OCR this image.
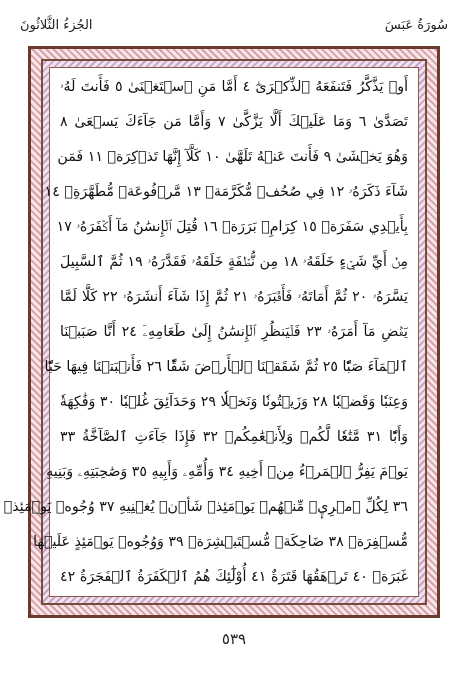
سُورَةُ عَبَسَ
الجُزءُ الثَّلاثُونَ
أَوۡ يَذَّكَّرُ فَتَنفَعَهُ ٱلذِّكۡرَىٰٓ ٤ أَمَّا مَنِ ٱسۡتَغۡنَىٰ ٥ فَأَنتَ لَهُۥ
تَصَدَّىٰ ٦ وَمَا عَلَيۡكَ أَلَّا يَزَّكَّىٰ ٧ وَأَمَّا مَن جَآءَكَ يَسۡعَىٰ ٨
وَهُوَ يَخۡشَىٰ ٩ فَأَنتَ عَنۡهُ تَلَهَّىٰ ١٠ كَلَّآ إِنَّهَا تَذۡكِرَةٞ ١١ فَمَن
شَآءَ ذَكَرَهُۥ ١٢ فِي صُحُفٖ مُّكَرَّمَةٖ ١٣ مَّرۡفُوعَةٖ مُّطَهَّرَةِۭ ١٤
بِأَيۡدِي سَفَرَةٖ ١٥ كِرَامِۭ بَرَرَةٖ ١٦ قُتِلَ ٱلۡإِنسَٰنُ مَآ أَكۡفَرَهُۥ ١٧
مِنۡ أَيِّ شَيۡءٍ خَلَقَهُۥ ١٨ مِن نُّطۡفَةٍ خَلَقَهُۥ فَقَدَّرَهُۥ ١٩ ثُمَّ ٱلسَّبِيلَ
يَسَّرَهُۥ ٢٠ ثُمَّ أَمَاتَهُۥ فَأَقۡبَرَهُۥ ٢١ ثُمَّ إِذَا شَآءَ أَنشَرَهُۥ ٢٢ كَلَّا لَمَّا
يَقۡضِ مَآ أَمَرَهُۥ ٢٣ فَلۡيَنظُرِ ٱلۡإِنسَٰنُ إِلَىٰ طَعَامِهِۦٓ ٢٤ أَنَّا صَبَبۡنَا
ٱلۡمَآءَ صَبّٗا ٢٥ ثُمَّ شَقَقۡنَا ٱلۡأَرۡضَ شَقّٗا ٢٦ فَأَنۢبَتۡنَا فِيهَا حَبّٗا
وَعِنَبٗا وَقَضۡبٗا ٢٨ وَزَيۡتُونٗا وَنَخۡلٗا ٢٩ وَحَدَآئِقَ غُلۡبٗا ٣٠ وَفَٰكِهَةٗ
وَأَبّٗا ٣١ مَّتَٰعٗا لَّكُمۡ وَلِأَنۡعَٰمِكُمۡ ٣٢ فَإِذَا جَآءَتِ ٱلصَّآخَّةُ ٣٣
يَوۡمَ يَفِرُّ ٱلۡمَرۡءُ مِنۡ أَخِيهِ ٣٤ وَأُمِّهِۦ وَأَبِيهِ ٣٥ وَصَٰحِبَتِهِۦ وَبَنِيهِ
٣٦ لِكُلِّ ٱمۡرِيٕٖ مِّنۡهُمۡ يَوۡمَئِذٖ شَأۡنٞ يُغۡنِيهِ ٣٧ وُجُوهٞ يَوۡمَئِذٖ
مُّسۡفِرَةٞ ٣٨ ضَاحِكَةٞ مُّسۡتَبۡشِرَةٞ ٣٩ وَوُجُوهٞ يَوۡمَئِذٍ عَلَيۡهَا
غَبَرَةٞ ٤٠ تَرۡهَقُهَا قَتَرَةٌ ٤١ أُوْلَٰٓئِكَ هُمُ ٱلۡكَفَرَةُ ٱلۡفَجَرَةُ ٤٢
٥٣٩
